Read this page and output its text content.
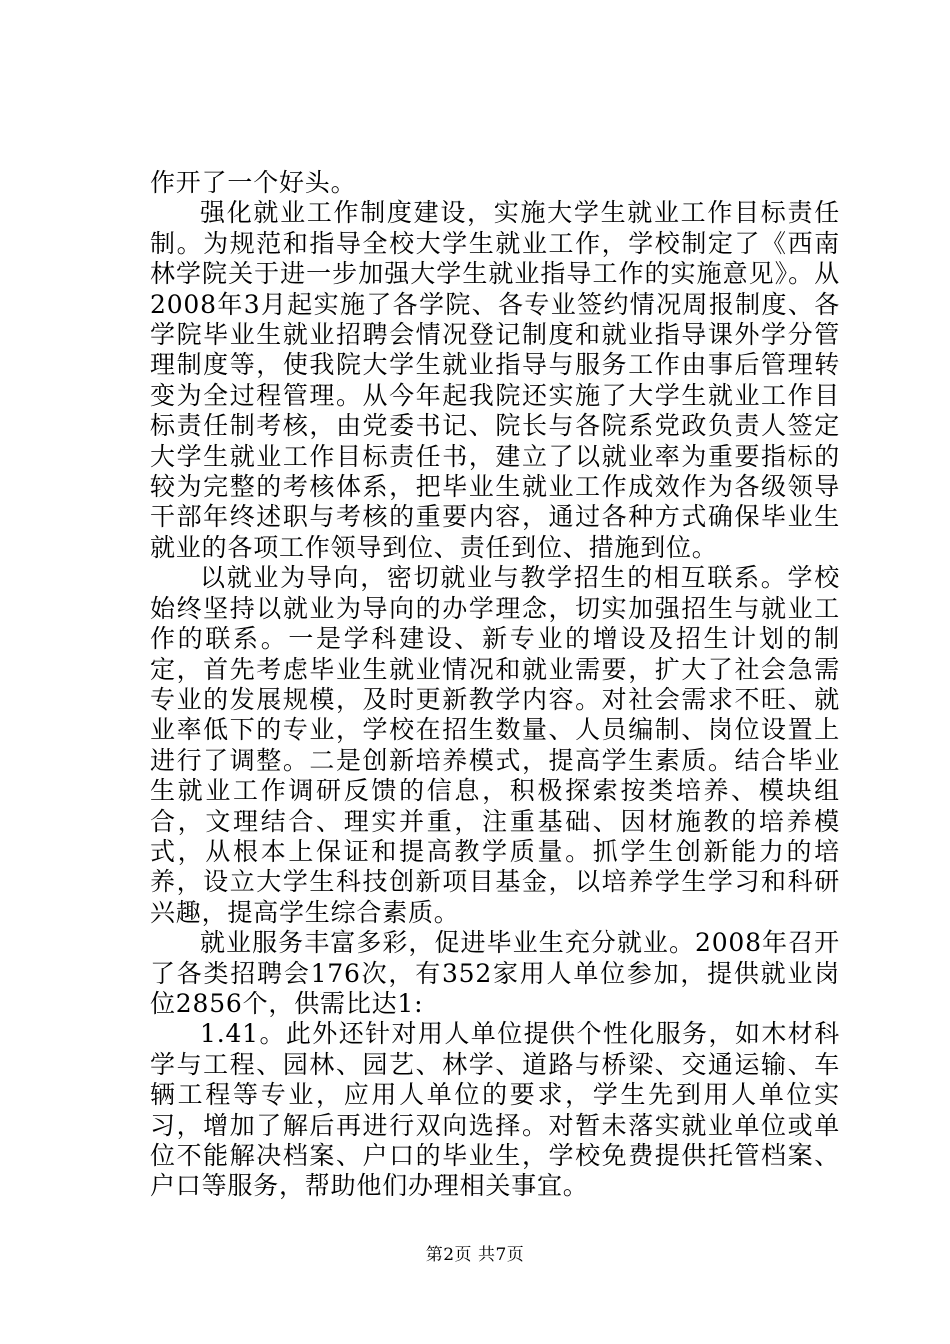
作开了一个好头。

强化就业工作制度建设，实施大学生就业工作目标责任制。为规范和指导全校大学生就业工作，学校制定了《西南林学院关于进一步加强大学生就业指导工作的实施意见》。从2008年3月起实施了各学院、各专业签约情况周报制度、各学院毕业生就业招聘会情况登记制度和就业指导课外学分管理制度等，使我院大学生就业指导与服务工作由事后管理转变为全过程管理。从今年起我院还实施了大学生就业工作目标责任制考核，由党委书记、院长与各院系党政负责人签定大学生就业工作目标责任书，建立了以就业率为重要指标的较为完整的考核体系，把毕业生就业工作成效作为各级领导干部年终述职与考核的重要内容，通过各种方式确保毕业生就业的各项工作领导到位、责任到位、措施到位。

以就业为导向，密切就业与教学招生的相互联系。学校始终坚持以就业为导向的办学理念，切实加强招生与就业工作的联系。一是学科建设、新专业的增设及招生计划的制定，首先考虑毕业生就业情况和就业需要，扩大了社会急需专业的发展规模，及时更新教学内容。对社会需求不旺、就业率低下的专业，学校在招生数量、人员编制、岗位设置上进行了调整。二是创新培养模式，提高学生素质。结合毕业生就业工作调研反馈的信息，积极探索按类培养、模块组合，文理结合、理实并重，注重基础、因材施教的培养模式，从根本上保证和提高教学质量。抓学生创新能力的培养，设立大学生科技创新项目基金，以培养学生学习和科研兴趣，提高学生综合素质。

就业服务丰富多彩，促进毕业生充分就业。2008年召开了各类招聘会176次，有352家用人单位参加，提供就业岗位2856个，供需比达1:

1.41。此外还针对用人单位提供个性化服务，如木材科学与工程、园林、园艺、林学、道路与桥梁、交通运输、车辆工程等专业，应用人单位的要求，学生先到用人单位实习，增加了解后再进行双向选择。对暂未落实就业单位或单位不能解决档案、户口的毕业生，学校免费提供托管档案、户口等服务，帮助他们办理相关事宜。

第2页 共7页
